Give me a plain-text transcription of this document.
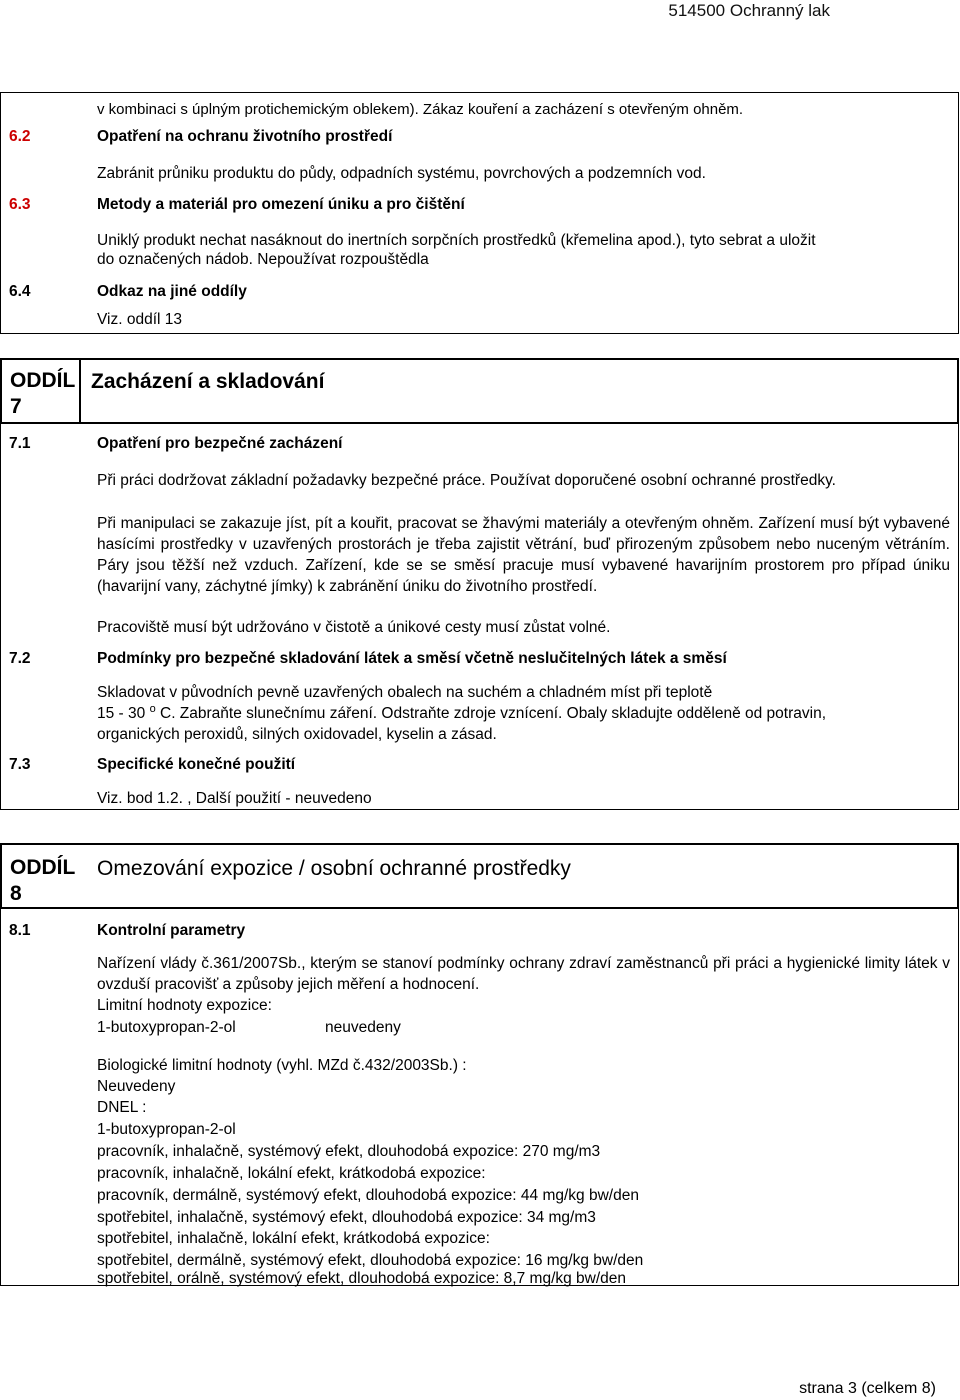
514500 Ochranný lak
v kombinaci s úplným protichemickým oblekem). Zákaz kouření a zacházení s otevřeným ohněm.
6.2	Opatření na ochranu životního prostředí
Zabránit průniku produktu do půdy, odpadních systému, povrchových a podzemních vod.
6.3	Metody a materiál pro omezení úniku a pro čištění
Uniklý produkt nechat nasáknout do inertních sorpčních prostředků (křemelina apod.), tyto sebrat a uložit
do označených nádob. Nepoužívat rozpouštědla
6.4	Odkaz na jiné oddíly
Viz. oddíl 13
ODDÍL
7
Zacházení a skladování
7.1	Opatření pro bezpečné zacházení
Při práci dodržovat základní požadavky bezpečné práce. Používat doporučené osobní ochranné prostředky.
Při manipulaci se zakazuje jíst, pít a kouřit, pracovat se žhavými materiály a otevřeným ohněm. Zařízení musí být vybavené hasícími prostředky v uzavřených prostorách je třeba zajistit větrání, buď přirozeným způsobem nebo nuceným větráním. Páry jsou těžší než vzduch. Zařízení, kde se se směsí pracuje musí vybavené havarijním prostorem pro případ úniku (havarijní vany, záchytné jímky) k zabránění úniku do životního prostředí.
Pracoviště musí být udržováno v čistotě a únikové cesty musí zůstat volné.
7.2	Podmínky pro bezpečné skladování látek a směsí včetně neslučitelných látek a směsí
Skladovat v původních pevně uzavřených obalech na suchém a chladném míst při teplotě
15 - 30 $^o$ C. Zabraňte slunečnímu záření. Odstraňte zdroje vznícení. Obaly skladujte odděleně od potravin,
organických peroxidů, silných oxidovadel, kyselin a zásad.
7.3	Specifické konečné použití
Viz. bod 1.2. , Další použití - neuvedeno
ODDÍL
8
Omezování expozice / osobní ochranné prostředky
8.1	Kontrolní parametry
Nařízení vlády č.361/2007Sb., kterým se stanoví podmínky ochrany zdraví zaměstnanců při práci a hygienické limity látek v ovzduší pracovišť a způsoby jejich měření a hodnocení.
Limitní hodnoty expozice:
1-butoxypropan-2-ol	neuvedeny
Biologické limitní hodnoty (vyhl. MZd č.432/2003Sb.) :
Neuvedeny
DNEL :
1-butoxypropan-2-ol
pracovník, inhalačně, systémový efekt, dlouhodobá expozice: 270 mg/m3
pracovník, inhalačně, lokální efekt, krátkodobá expozice:
pracovník, dermálně, systémový efekt, dlouhodobá expozice: 44 mg/kg bw/den
spotřebitel, inhalačně, systémový efekt, dlouhodobá expozice: 34 mg/m3
spotřebitel, inhalačně, lokální efekt, krátkodobá expozice:
spotřebitel, dermálně, systémový efekt, dlouhodobá expozice: 16 mg/kg bw/den
spotřebitel, orálně, systémový efekt, dlouhodobá expozice: 8,7 mg/kg bw/den
strana 3 (celkem 8)
